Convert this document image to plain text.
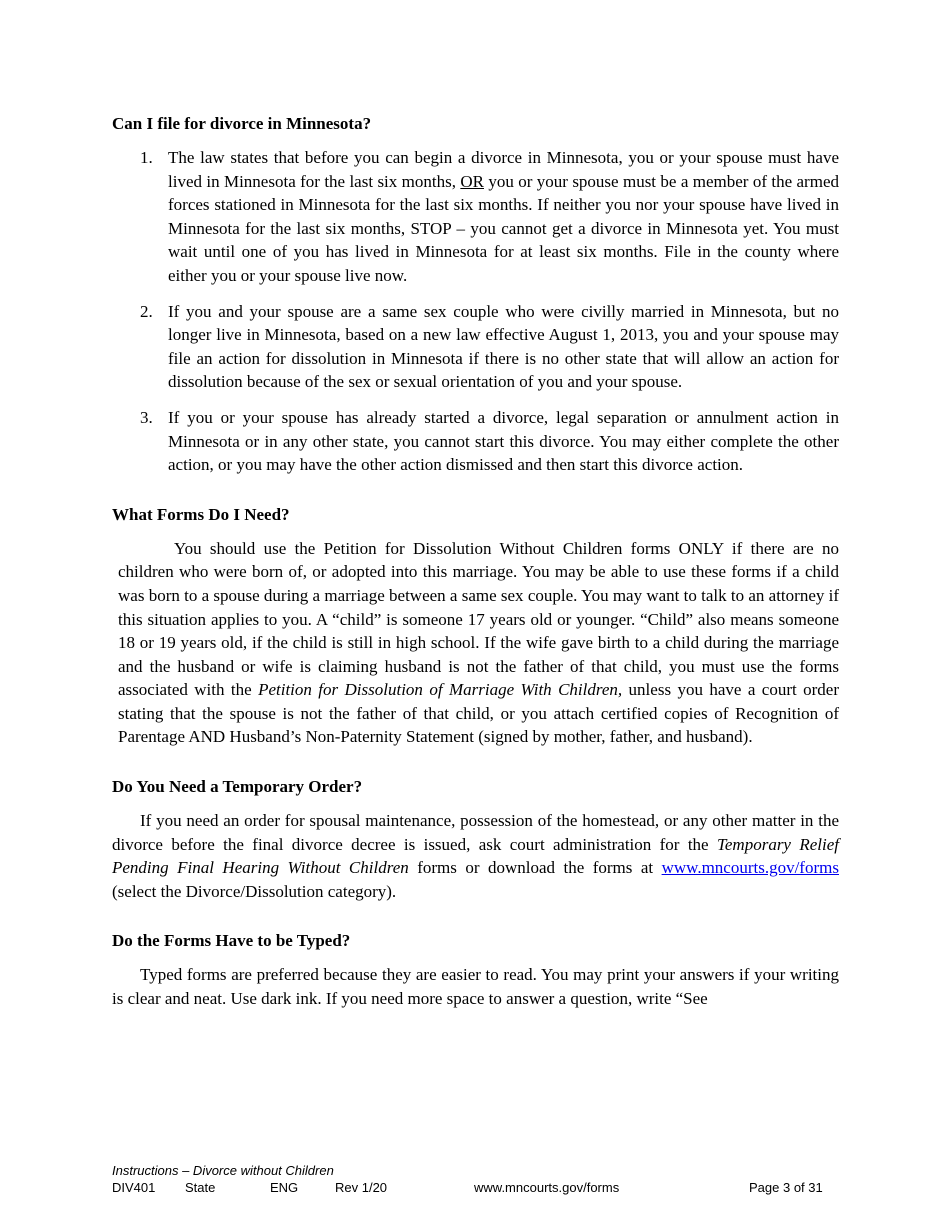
Can I file for divorce in Minnesota?
1. The law states that before you can begin a divorce in Minnesota, you or your spouse must have lived in Minnesota for the last six months, OR you or your spouse must be a member of the armed forces stationed in Minnesota for the last six months. If neither you nor your spouse have lived in Minnesota for the last six months, STOP – you cannot get a divorce in Minnesota yet. You must wait until one of you has lived in Minnesota for at least six months. File in the county where either you or your spouse live now.
2. If you and your spouse are a same sex couple who were civilly married in Minnesota, but no longer live in Minnesota, based on a new law effective August 1, 2013, you and your spouse may file an action for dissolution in Minnesota if there is no other state that will allow an action for dissolution because of the sex or sexual orientation of you and your spouse.
3. If you or your spouse has already started a divorce, legal separation or annulment action in Minnesota or in any other state, you cannot start this divorce. You may either complete the other action, or you may have the other action dismissed and then start this divorce action.
What Forms Do I Need?

You should use the Petition for Dissolution Without Children forms ONLY if there are no children who were born of, or adopted into this marriage. You may be able to use these forms if a child was born to a spouse during a marriage between a same sex couple. You may want to talk to an attorney if this situation applies to you. A “child” is someone 17 years old or younger. “Child” also means someone 18 or 19 years old, if the child is still in high school. If the wife gave birth to a child during the marriage and the husband or wife is claiming husband is not the father of that child, you must use the forms associated with the Petition for Dissolution of Marriage With Children, unless you have a court order stating that the spouse is not the father of that child, or you attach certified copies of Recognition of Parentage AND Husband’s Non-Paternity Statement (signed by mother, father, and husband).

Do You Need a Temporary Order?

If you need an order for spousal maintenance, possession of the homestead, or any other matter in the divorce before the final divorce decree is issued, ask court administration for the Temporary Relief Pending Final Hearing Without Children forms or download the forms at www.mncourts.gov/forms (select the Divorce/Dissolution category).

Do the Forms Have to be Typed?

Typed forms are preferred because they are easier to read. You may print your answers if your writing is clear and neat. Use dark ink. If you need more space to answer a question, write “See

Instructions – Divorce without Children
DIV401 State	ENG	Rev 1/20	www.mncourts.gov/forms	Page 3 of 31
